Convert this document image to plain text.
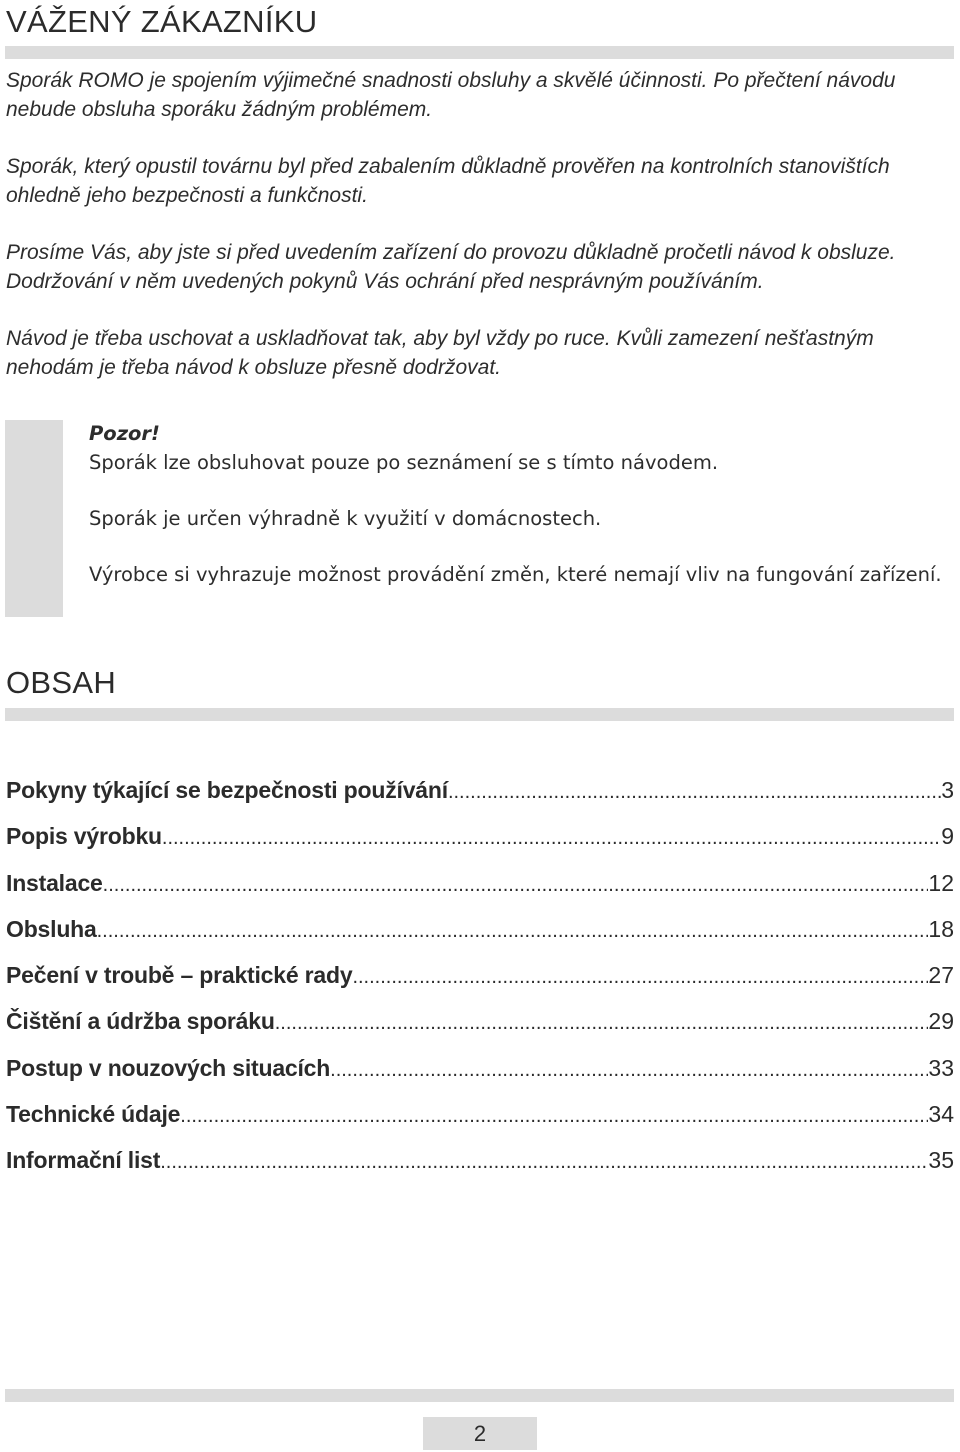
VÁŽENÝ ZÁKAZNÍKU

Sporák ROMO je spojením výjimečné snadnosti obsluhy a skvělé účinnosti. Po přečtení návodu nebude obsluha sporáku žádným problémem.

Sporák, který opustil továrnu byl před zabalením důkladně prověřen na kontrolních stanovištích ohledně jeho bezpečnosti a funkčnosti.

Prosíme Vás, aby jste si před uvedením zařízení do provozu důkladně pročetli návod k obsluze. Dodržování v něm uvedených pokynů Vás ochrání před nesprávným používáním.

Návod je třeba uschovat a uskladňovat tak, aby byl vždy po ruce. Kvůli zamezení nešťastným nehodám je třeba návod k obsluze přesně dodržovat.

Pozor!

Sporák lze obsluhovat pouze po seznámení se s tímto návodem.

Sporák je určen výhradně k využití v domácnostech.

Výrobce si vyhrazuje možnost provádění změn, které nemají vliv na fungování zařízení.

OBSAH
Pokyny týkající se bezpečnosti používání .....	3
Popis výrobku .....	9
Instalace .....	12
Obsluha .....	18
Pečení v troubě – praktické rady .....	27
Čištění a údržba sporáku .....	29
Postup v nouzových situacích .....	33
Technické údaje .....	34
Informační list .....	35
2
